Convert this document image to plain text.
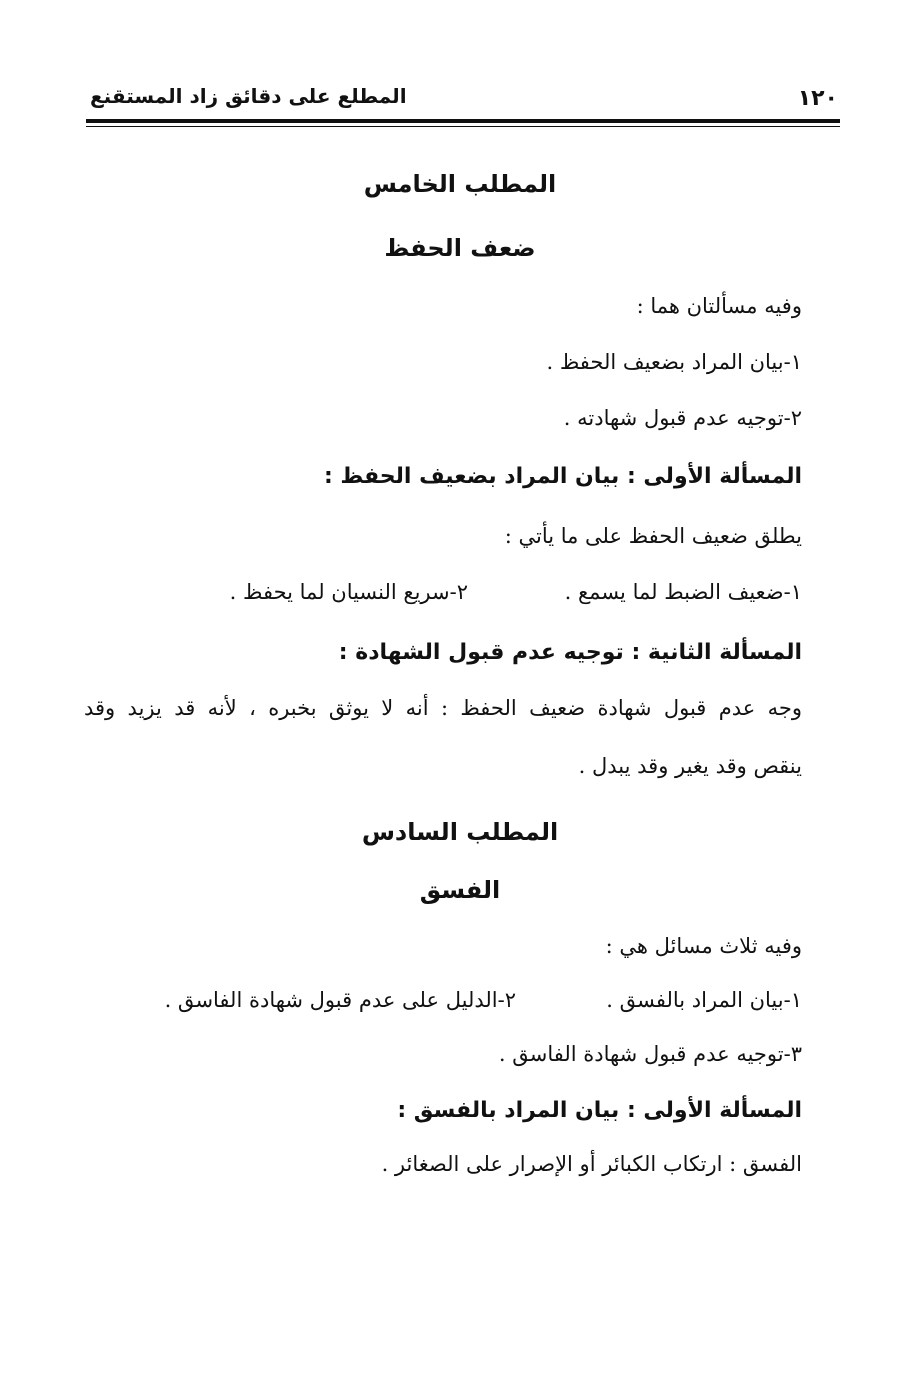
١٢٠
المطلع على دقائق زاد المستقنع
المطلب الخامس
ضعف الحفظ
وفيه مسألتان هما :
١-بيان المراد بضعيف الحفظ .
٢-توجيه عدم قبول شهادته .
المسألة الأولى : بيان المراد بضعيف الحفظ :
يطلق ضعيف الحفظ على ما يأتي :
١-ضعيف الضبط لما يسمع .
٢-سريع النسيان لما يحفظ .
المسألة الثانية : توجيه عدم قبول الشهادة :
وجه عدم قبول شهادة ضعيف الحفظ : أنه لا يوثق بخبره ، لأنه قد يزيد وقد
ينقص وقد يغير وقد يبدل .
المطلب السادس
الفسق
وفيه ثلاث مسائل هي :
١-بيان المراد بالفسق .
٢-الدليل على عدم قبول شهادة الفاسق .
٣-توجيه عدم قبول شهادة الفاسق .
المسألة الأولى : بيان المراد بالفسق :
الفسق : ارتكاب الكبائر أو الإصرار على الصغائر .
